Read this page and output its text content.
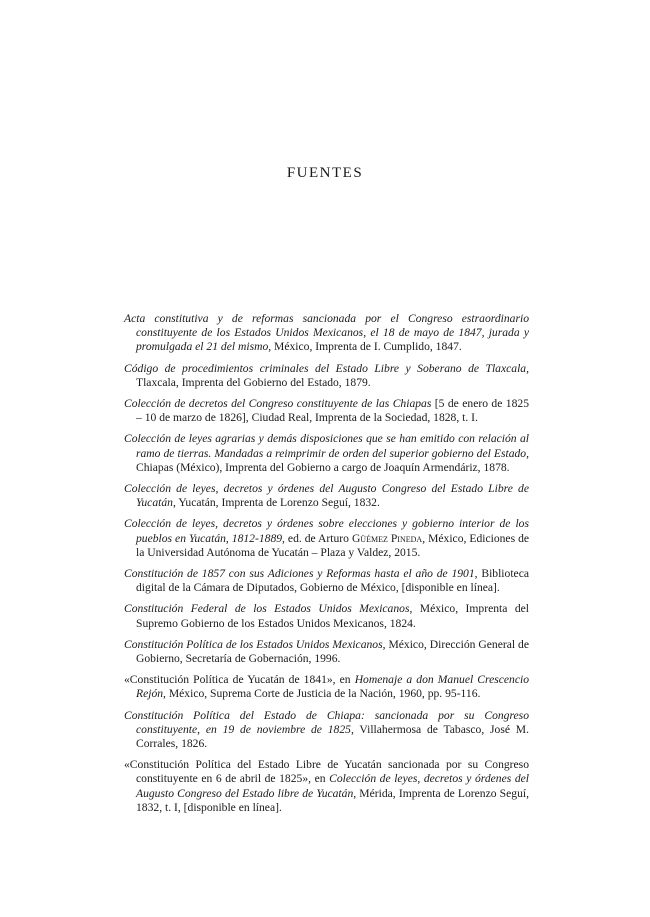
FUENTES
Acta constitutiva y de reformas sancionada por el Congreso estraordinario constituyente de los Estados Unidos Mexicanos, el 18 de mayo de 1847, jurada y promulgada el 21 del mismo, México, Imprenta de I. Cumplido, 1847.
Código de procedimientos criminales del Estado Libre y Soberano de Tlaxcala, Tlaxcala, Imprenta del Gobierno del Estado, 1879.
Colección de decretos del Congreso constituyente de las Chiapas [5 de enero de 1825 – 10 de marzo de 1826], Ciudad Real, Imprenta de la Sociedad, 1828, t. I.
Colección de leyes agrarias y demás disposiciones que se han emitido con relación al ramo de tierras. Mandadas a reimprimir de orden del superior gobierno del Estado, Chiapas (México), Imprenta del Gobierno a cargo de Joaquín Armendáriz, 1878.
Colección de leyes, decretos y órdenes del Augusto Congreso del Estado Libre de Yucatán, Yucatán, Imprenta de Lorenzo Seguí, 1832.
Colección de leyes, decretos y órdenes sobre elecciones y gobierno interior de los pueblos en Yucatán, 1812-1889, ed. de Arturo Güémez Pineda, México, Ediciones de la Universidad Autónoma de Yucatán – Plaza y Valdez, 2015.
Constitución de 1857 con sus Adiciones y Reformas hasta el año de 1901, Biblioteca digital de la Cámara de Diputados, Gobierno de México, [disponible en línea].
Constitución Federal de los Estados Unidos Mexicanos, México, Imprenta del Supremo Gobierno de los Estados Unidos Mexicanos, 1824.
Constitución Política de los Estados Unidos Mexicanos, México, Dirección General de Gobierno, Secretaría de Gobernación, 1996.
«Constitución Política de Yucatán de 1841», en Homenaje a don Manuel Crescencio Rejón, México, Suprema Corte de Justicia de la Nación, 1960, pp. 95-116.
Constitución Política del Estado de Chiapa: sancionada por su Congreso constituyente, en 19 de noviembre de 1825, Villahermosa de Tabasco, José M. Corrales, 1826.
«Constitución Política del Estado Libre de Yucatán sancionada por su Congreso constituyente en 6 de abril de 1825», en Colección de leyes, decretos y órdenes del Augusto Congreso del Estado libre de Yucatán, Mérida, Imprenta de Lorenzo Seguí, 1832, t. I, [disponible en línea].
